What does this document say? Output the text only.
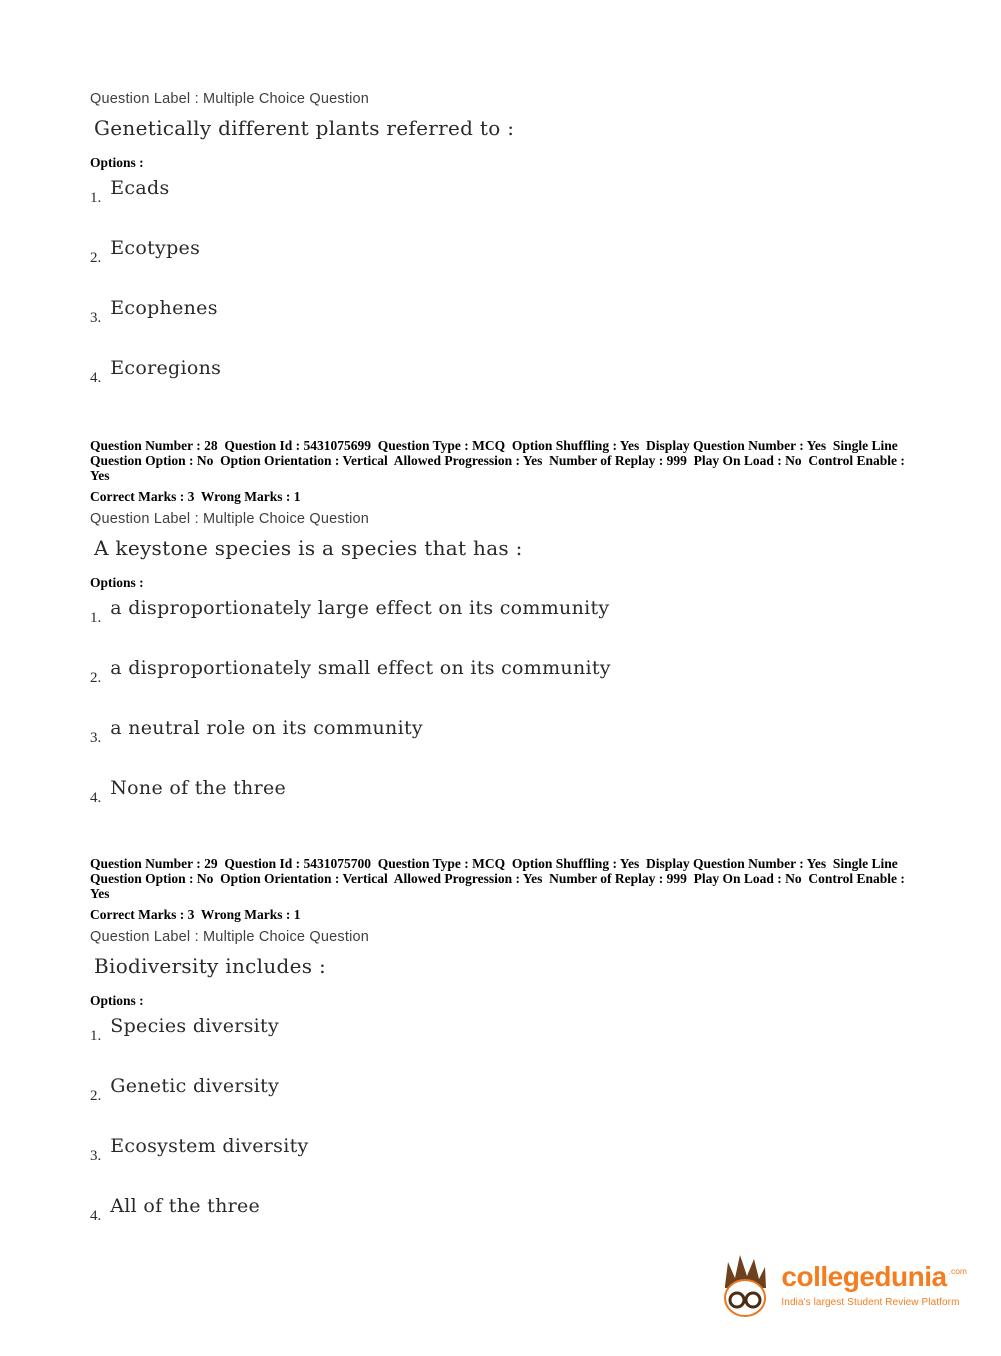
Question Label : Multiple Choice Question
Genetically different plants referred to :
Options :
1. Ecads
2. Ecotypes
3. Ecophenes
4. Ecoregions
Question Number : 28  Question Id : 5431075699  Question Type : MCQ  Option Shuffling : Yes  Display Question Number : Yes  Single Line Question Option : No  Option Orientation : Vertical  Allowed Progression : Yes  Number of Replay : 999  Play On Load : No  Control Enable : Yes
Correct Marks : 3  Wrong Marks : 1
Question Label : Multiple Choice Question
A keystone species is a species that has :
Options :
1. a disproportionately large effect on its community
2. a disproportionately small effect on its community
3. a neutral role on its community
4. None of the three
Question Number : 29  Question Id : 5431075700  Question Type : MCQ  Option Shuffling : Yes  Display Question Number : Yes  Single Line Question Option : No  Option Orientation : Vertical  Allowed Progression : Yes  Number of Replay : 999  Play On Load : No  Control Enable : Yes
Correct Marks : 3  Wrong Marks : 1
Question Label : Multiple Choice Question
Biodiversity includes :
Options :
1. Species diversity
2. Genetic diversity
3. Ecosystem diversity
4. All of the three
collegedunia .com
India's largest Student Review Platform
